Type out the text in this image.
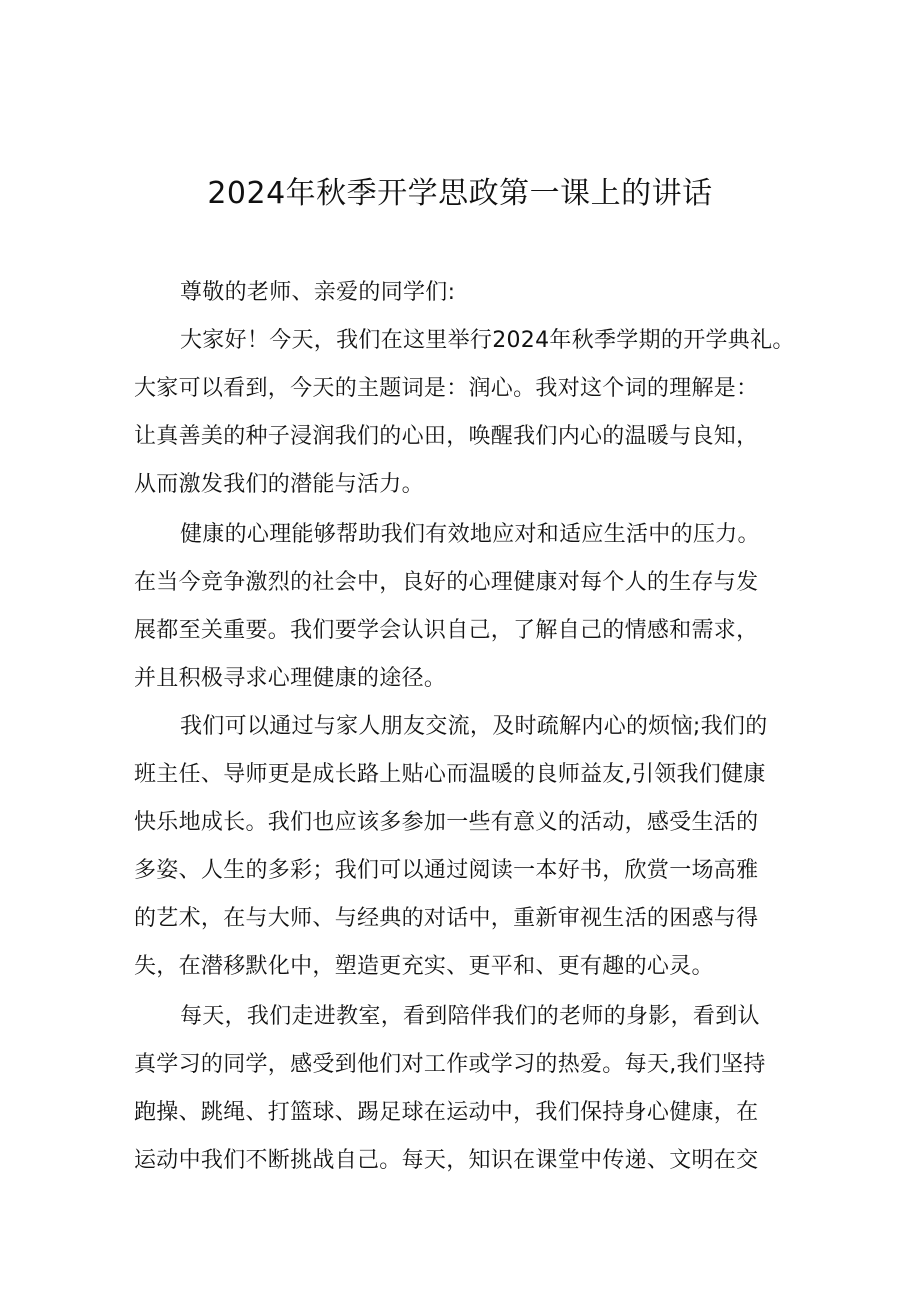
2024年秋季开学思政第一课上的讲话

尊敬的老师、亲爱的同学们:

大家好！今天，我们在这里举行2024年秋季学期的开学典礼。

大家可以看到，今天的主题词是：润心。我对这个词的理解是：

让真善美的种子浸润我们的心田，唤醒我们内心的温暖与良知，

从而激发我们的潜能与活力。

健康的心理能够帮助我们有效地应对和适应生活中的压力。

在当今竞争激烈的社会中，良好的心理健康对每个人的生存与发

展都至关重要。我们要学会认识自己，了解自己的情感和需求，

并且积极寻求心理健康的途径。

我们可以通过与家人朋友交流，及时疏解内心的烦恼;我们的

班主任、导师更是成长路上贴心而温暖的良师益友,引领我们健康

快乐地成长。我们也应该多参加一些有意义的活动，感受生活的

多姿、人生的多彩；我们可以通过阅读一本好书，欣赏一场高雅

的艺术，在与大师、与经典的对话中，重新审视生活的困惑与得

失，在潜移默化中，塑造更充实、更平和、更有趣的心灵。

每天，我们走进教室，看到陪伴我们的老师的身影，看到认

真学习的同学，感受到他们对工作或学习的热爱。每天,我们坚持

跑操、跳绳、打篮球、踢足球在运动中，我们保持身心健康，在

运动中我们不断挑战自己。每天，知识在课堂中传递、文明在交
